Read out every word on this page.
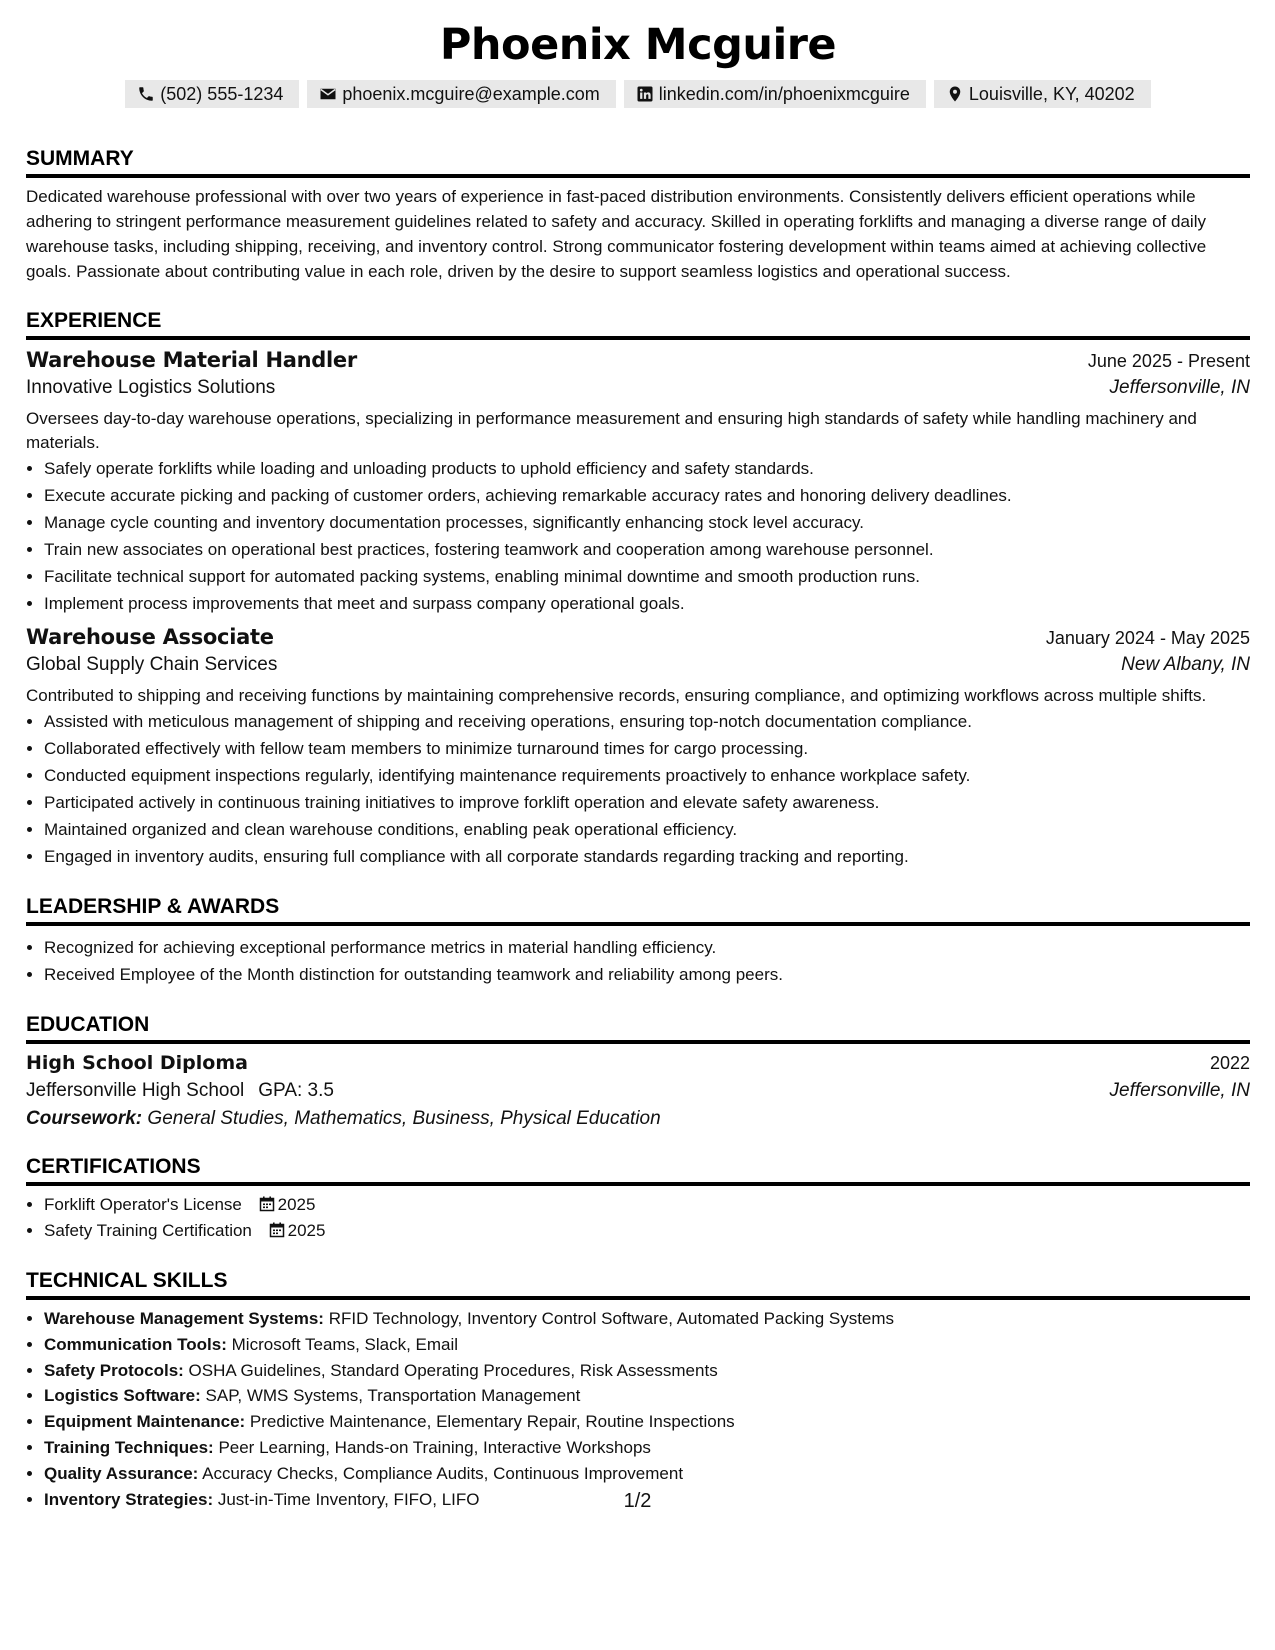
Phoenix Mcguire
(502) 555-1234	phoenix.mcguire@example.com	linkedin.com/in/phoenixmcguire	Louisville, KY, 40202
SUMMARY
Dedicated warehouse professional with over two years of experience in fast-paced distribution environments. Consistently delivers efficient operations while adhering to stringent performance measurement guidelines related to safety and accuracy. Skilled in operating forklifts and managing a diverse range of daily warehouse tasks, including shipping, receiving, and inventory control. Strong communicator fostering development within teams aimed at achieving collective goals. Passionate about contributing value in each role, driven by the desire to support seamless logistics and operational success.
EXPERIENCE
Warehouse Material Handler	June 2025 - Present
Innovative Logistics Solutions	Jeffersonville, IN
Oversees day-to-day warehouse operations, specializing in performance measurement and ensuring high standards of safety while handling machinery and materials.
• Safely operate forklifts while loading and unloading products to uphold efficiency and safety standards.
• Execute accurate picking and packing of customer orders, achieving remarkable accuracy rates and honoring delivery deadlines.
• Manage cycle counting and inventory documentation processes, significantly enhancing stock level accuracy.
• Train new associates on operational best practices, fostering teamwork and cooperation among warehouse personnel.
• Facilitate technical support for automated packing systems, enabling minimal downtime and smooth production runs.
• Implement process improvements that meet and surpass company operational goals.
Warehouse Associate	January 2024 - May 2025
Global Supply Chain Services	New Albany, IN
Contributed to shipping and receiving functions by maintaining comprehensive records, ensuring compliance, and optimizing workflows across multiple shifts.
• Assisted with meticulous management of shipping and receiving operations, ensuring top-notch documentation compliance.
• Collaborated effectively with fellow team members to minimize turnaround times for cargo processing.
• Conducted equipment inspections regularly, identifying maintenance requirements proactively to enhance workplace safety.
• Participated actively in continuous training initiatives to improve forklift operation and elevate safety awareness.
• Maintained organized and clean warehouse conditions, enabling peak operational efficiency.
• Engaged in inventory audits, ensuring full compliance with all corporate standards regarding tracking and reporting.
LEADERSHIP & AWARDS
• Recognized for achieving exceptional performance metrics in material handling efficiency.
• Received Employee of the Month distinction for outstanding teamwork and reliability among peers.
EDUCATION
High School Diploma	2022
Jeffersonville High School GPA: 3.5	Jeffersonville, IN
Coursework: General Studies, Mathematics, Business, Physical Education
CERTIFICATIONS
• Forklift Operator's License 2025
• Safety Training Certification 2025
TECHNICAL SKILLS
• Warehouse Management Systems: RFID Technology, Inventory Control Software, Automated Packing Systems
• Communication Tools: Microsoft Teams, Slack, Email
• Safety Protocols: OSHA Guidelines, Standard Operating Procedures, Risk Assessments
• Logistics Software: SAP, WMS Systems, Transportation Management
• Equipment Maintenance: Predictive Maintenance, Elementary Repair, Routine Inspections
• Training Techniques: Peer Learning, Hands-on Training, Interactive Workshops
• Quality Assurance: Accuracy Checks, Compliance Audits, Continuous Improvement
• Inventory Strategies: Just-in-Time Inventory, FIFO, LIFO	1/2
